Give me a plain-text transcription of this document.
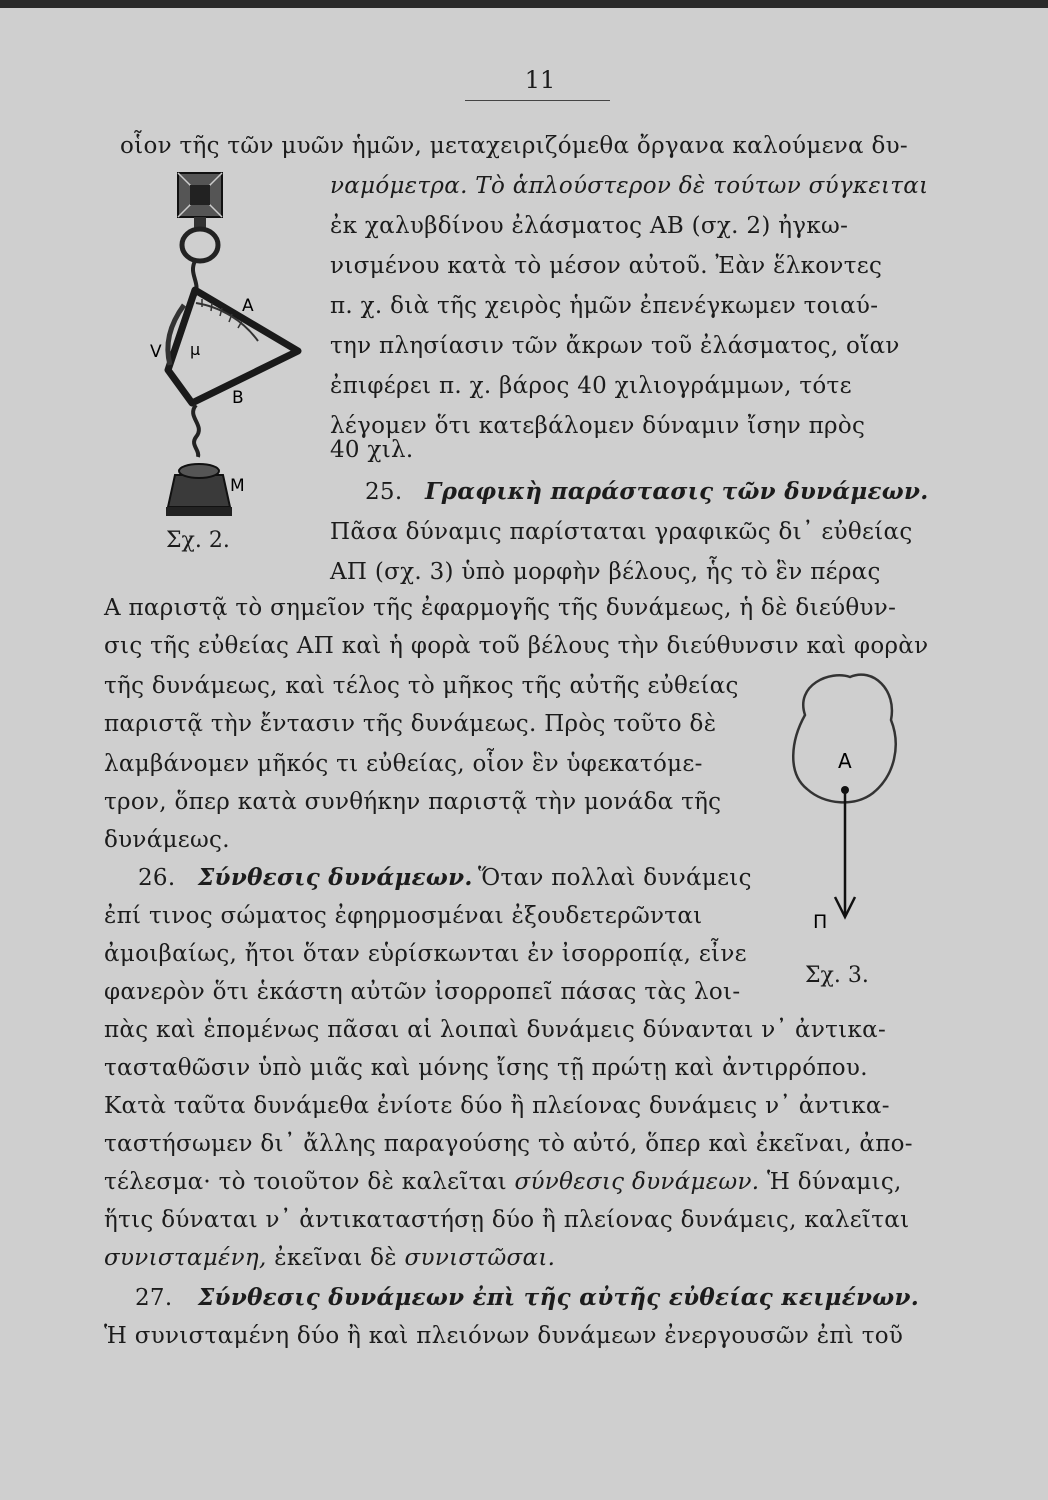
11
A
B
M
V μ
Σχ. 2.
A
Π
Σχ. 3.
οἷον τῆς τῶν μυῶν ἡμῶν, μεταχειριζόμεθα ὄργανα καλούμενα δυ-
ναμόμετρα. Τὸ ἁπλούστερον δὲ τούτων σύγκειται
ἐκ χαλυβδίνου ἐλάσματος ΑΒ (σχ. 2) ἠγκω-
νισμένου κατὰ τὸ μέσον αὐτοῦ. Ἐὰν ἕλκοντες
π. χ. διὰ τῆς χειρὸς ἡμῶν ἐπενέγκωμεν τοιαύ-
την πλησίασιν τῶν ἄκρων τοῦ ἐλάσματος, οἵαν
ἐπιφέρει π. χ. βάρος 40 χιλιογράμμων, τότε
λέγομεν ὅτι κατεβάλομεν δύναμιν ἴσην πρὸς
40 χιλ.
25. Γραφικὴ παράστασις τῶν δυνάμεων.
Πᾶσα δύναμις παρίσταται γραφικῶς δι᾽ εὐθείας
ΑΠ (σχ. 3) ὑπὸ μορφὴν βέλους, ἧς τὸ ἓν πέρας
Α παριστᾷ τὸ σημεῖον τῆς ἐφαρμογῆς τῆς δυνάμεως, ἡ δὲ διεύθυν-
σις τῆς εὐθείας ΑΠ καὶ ἡ φορὰ τοῦ βέλους τὴν διεύθυνσιν καὶ φορὰν
τῆς δυνάμεως, καὶ τέλος τὸ μῆκος τῆς αὐτῆς εὐθείας
παριστᾷ τὴν ἔντασιν τῆς δυνάμεως. Πρὸς τοῦτο δὲ
λαμβάνομεν μῆκός τι εὐθείας, οἷον ἓν ὑφεκατόμε-
τρον, ὅπερ κατὰ συνθήκην παριστᾷ τὴν μονάδα τῆς
δυνάμεως.
26. Σύνθεσις δυνάμεων. Ὅταν πολλαὶ δυνάμεις
ἐπί τινος σώματος ἐφηρμοσμέναι ἐξουδετερῶνται
ἀμοιβαίως, ἤτοι ὅταν εὑρίσκωνται ἐν ἰσορροπίᾳ, εἶνε
φανερὸν ὅτι ἑκάστη αὐτῶν ἰσορροπεῖ πάσας τὰς λοι-
πὰς καὶ ἑπομένως πᾶσαι αἱ λοιπαὶ δυνάμεις δύνανται ν᾽ ἀντικα-
τασταθῶσιν ὑπὸ μιᾶς καὶ μόνης ἴσης τῇ πρώτῃ καὶ ἀντιρρόπου.
Κατὰ ταῦτα δυνάμεθα ἐνίοτε δύο ἢ πλείονας δυνάμεις ν᾽ ἀντικα-
ταστήσωμεν δι᾽ ἄλλης παραγούσης τὸ αὐτό, ὅπερ καὶ ἐκεῖναι, ἀπο-
τέλεσμα· τὸ τοιοῦτον δὲ καλεῖται σύνθεσις δυνάμεων. Ἡ δύναμις,
ἥτις δύναται ν᾽ ἀντικαταστήσῃ δύο ἢ πλείονας δυνάμεις, καλεῖται
συνισταμένη, ἐκεῖναι δὲ συνιστῶσαι.
27. Σύνθεσις δυνάμεων ἐπὶ τῆς αὐτῆς εὐθείας κειμένων.
Ἡ συνισταμένη δύο ἢ καὶ πλειόνων δυνάμεων ἐνεργουσῶν ἐπὶ τοῦ
